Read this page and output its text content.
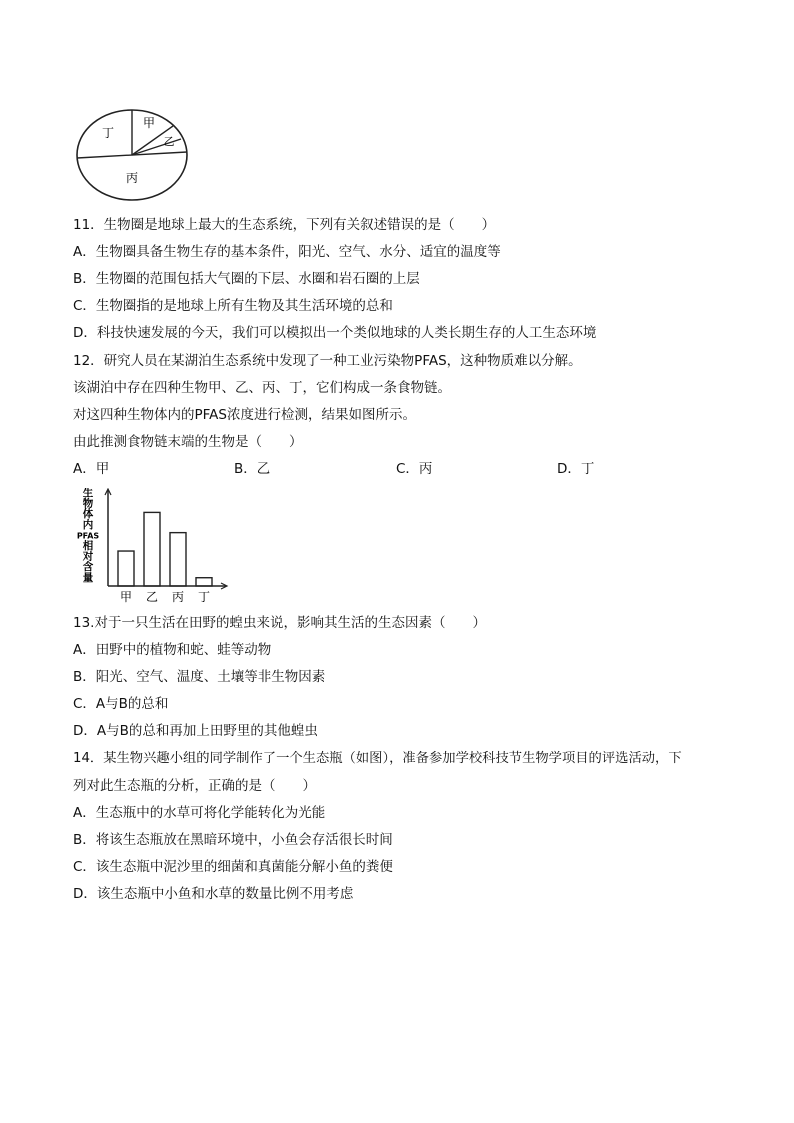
丁
甲
乙
丙
11．生物圈是地球上最大的生态系统，下列有关叙述错误的是（　　）
A．生物圈具备生物生存的基本条件，阳光、空气、水分、适宜的温度等
B．生物圈的范围包括大气圈的下层、水圈和岩石圈的上层
C．生物圈指的是地球上所有生物及其生活环境的总和
D．科技快速发展的今天，我们可以模拟出一个类似地球的人类长期生存的人工生态环境
12．研究人员在某湖泊生态系统中发现了一种工业污染物PFAS，这种物质难以分解。
该湖泊中存在四种生物甲、乙、丙、丁，它们构成一条食物链。
对这四种生物体内的PFAS浓度进行检测，结果如图所示。
由此推测食物链末端的生物是（　　）
A．甲	B．乙	C．丙	D．丁
生
物
体
内
PFAS
相
对
含
量
甲 乙 丙 丁
13.对于一只生活在田野的蝗虫来说，影响其生活的生态因素（　　）
A．田野中的植物和蛇、蛙等动物
B．阳光、空气、温度、土壤等非生物因素
C．A与B的总和
D．A与B的总和再加上田野里的其他蝗虫
14．某生物兴趣小组的同学制作了一个生态瓶（如图），准备参加学校科技节生物学项目的评选活动，下
列对此生态瓶的分析，正确的是（　　）
A．生态瓶中的水草可将化学能转化为光能
B．将该生态瓶放在黑暗环境中，小鱼会存活很长时间
C．该生态瓶中泥沙里的细菌和真菌能分解小鱼的粪便
D．该生态瓶中小鱼和水草的数量比例不用考虑
